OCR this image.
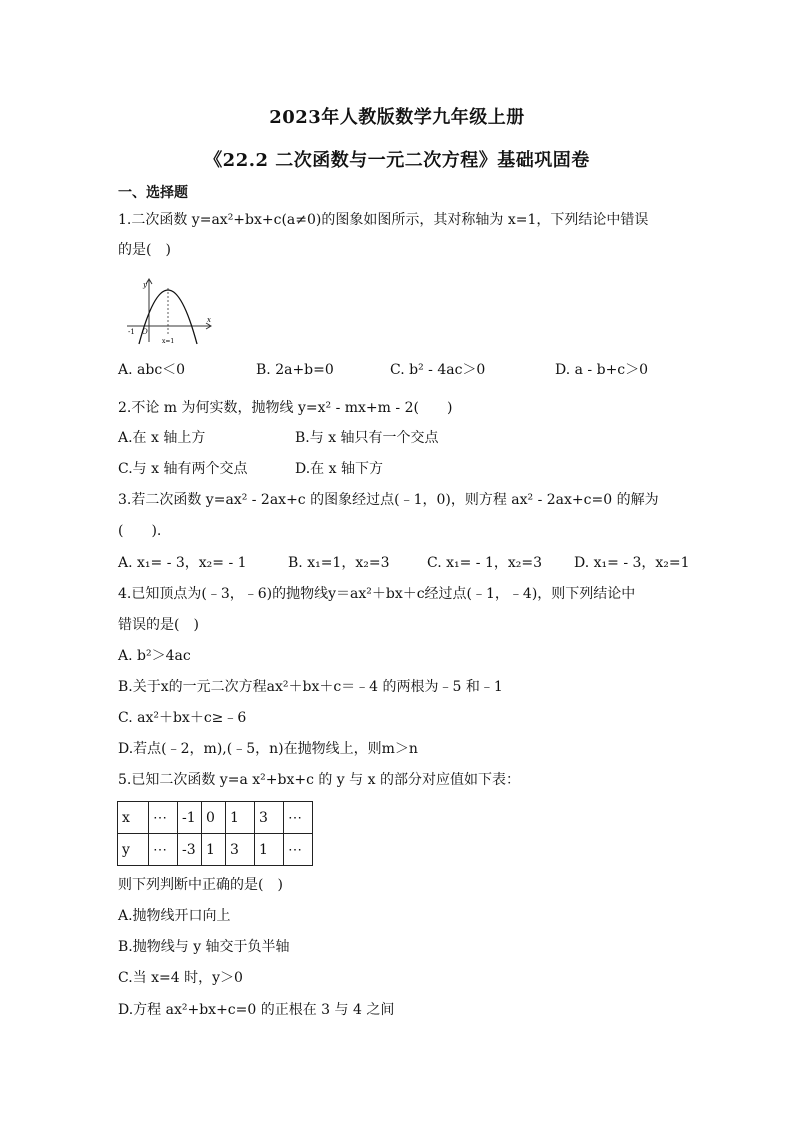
2023年人教版数学九年级上册
《22.2 二次函数与一元二次方程》基础巩固卷
一、选择题
1.二次函数 y=ax²+bx+c(a≠0)的图象如图所示，其对称轴为 x=1，下列结论中错误
的是(　)
y
x
-1 O
x=1
A. abc＜0	B. 2a+b=0	C. b² - 4ac＞0	D. a - b+c＞0
2.不论 m 为何实数，抛物线 y=x² - mx+m - 2(　　)
A.在 x 轴上方	B.与 x 轴只有一个交点
C.与 x 轴有两个交点	D.在 x 轴下方
3.若二次函数 y=ax² - 2ax+c 的图象经过点(﹣1，0)，则方程 ax² - 2ax+c=0 的解为
(　　).
A. x₁= - 3，x₂= - 1	B. x₁=1，x₂=3	C. x₁= - 1，x₂=3 D. x₁= - 3，x₂=1
4.已知顶点为(﹣3，﹣6)的抛物线y＝ax²＋bx＋c经过点(﹣1，﹣4)，则下列结论中
错误的是(　)
A. b²＞4ac
B.关于x的一元二次方程ax²＋bx＋c＝﹣4 的两根为﹣5 和﹣1
C. ax²＋bx＋c≥﹣6
D.若点(﹣2，m),(﹣5，n)在抛物线上，则m＞n
5.已知二次函数 y=a x²+bx+c 的 y 与 x 的部分对应值如下表：
x	⋯	-1	0	1	3	⋯
y	⋯	-3	1	3	1	⋯
则下列判断中正确的是(　)
A.抛物线开口向上
B.抛物线与 y 轴交于负半轴
C.当 x=4 时，y＞0
D.方程 ax²+bx+c=0 的正根在 3 与 4 之间
